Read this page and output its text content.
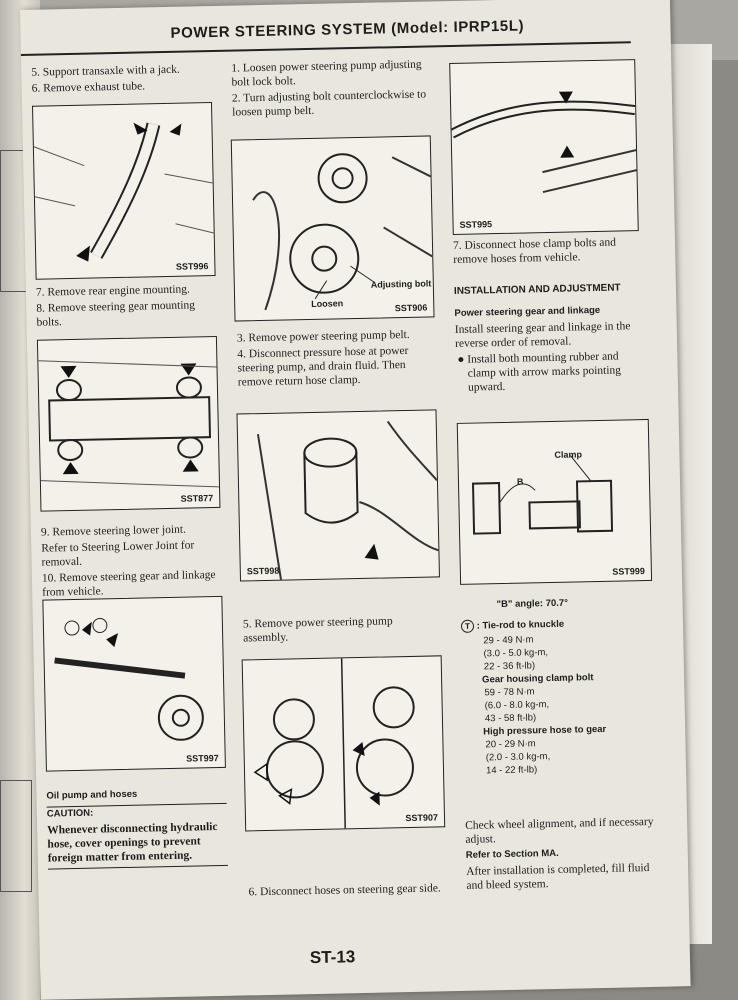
POWER STEERING SYSTEM (Model: IPRP15L)

5. Support transaxle with a jack.

6. Remove exhaust tube.

SST996

7. Remove rear engine mounting.

8. Remove steering gear mounting bolts.

SST877

9. Remove steering lower joint.

Refer to Steering Lower Joint for removal.

10. Remove steering gear and linkage from vehicle.

SST997

Oil pump and hoses

CAUTION:

Whenever disconnecting hydraulic hose, cover openings to prevent foreign matter from entering.

1. Loosen power steering pump adjusting bolt lock bolt.

2. Turn adjusting bolt counterclockwise to loosen pump belt.

Adjusting bolt
Loosen	SST906

3. Remove power steering pump belt.

4. Disconnect pressure hose at power steering pump, and drain fluid. Then remove return hose clamp.

SST998

5. Remove power steering pump assembly.

SST907

6. Disconnect hoses on steering gear side.

SST995

7. Disconnect hose clamp bolts and remove hoses from vehicle.

INSTALLATION AND ADJUSTMENT

Power steering gear and linkage

Install steering gear and linkage in the reverse order of removal.

● Install both mounting rubber and clamp with arrow marks pointing upward.

Clamp
B
SST999

"B" angle: 70.7°

T : Tie-rod to knuckle

29 - 49 N·m
(3.0 - 5.0 kg-m,
22 - 36 ft-lb)
Gear housing clamp bolt
59 - 78 N·m
(6.0 - 8.0 kg-m,
43 - 58 ft-lb)
High pressure hose to gear
20 - 29 N·m
(2.0 - 3.0 kg-m,
14 - 22 ft-lb)

Check wheel alignment, and if necessary adjust.

Refer to Section MA.

After installation is completed, fill fluid and bleed system.

ST-13
